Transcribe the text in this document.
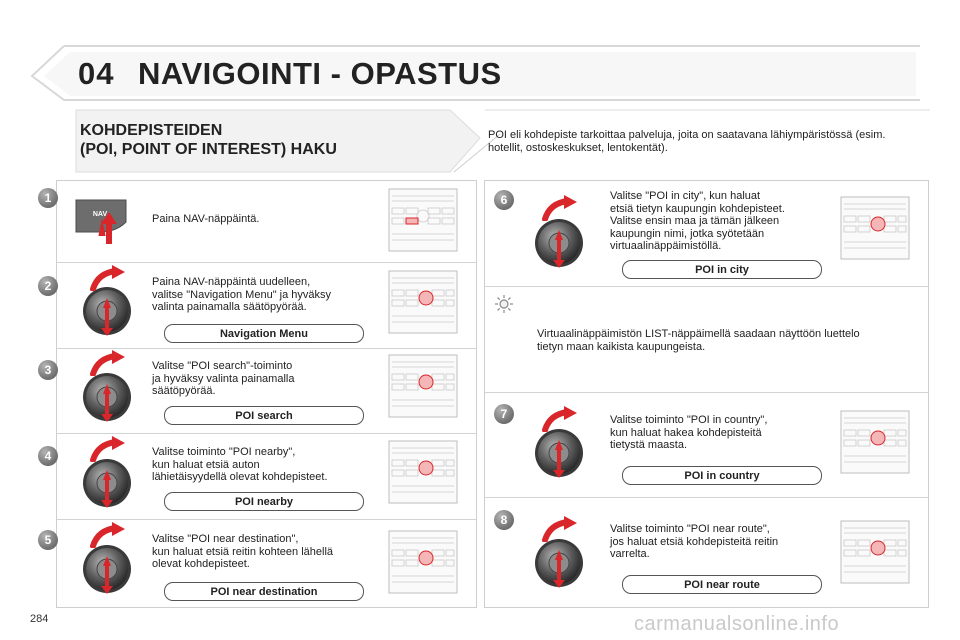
04 NAVIGOINTI - OPASTUS
KOHDEPISTEIDEN
(POI, POINT OF INTEREST) HAKU
POI eli kohdepiste tarkoittaa palveluja, joita on saatavana lähiympäristössä (esim. hotellit, ostoskeskukset, lentokentät).
1
NAV	Paina NAV-näppäintä.
2	Paina NAV-näppäintä uudelleen,
valitse "Navigation Menu" ja hyväksy
valinta painamalla säätöpyörää.
Navigation Menu
3	Valitse "POI search"-toiminto
ja hyväksy valinta painamalla
säätöpyörää.
POI search
4	Valitse toiminto "POI nearby",
kun haluat etsiä auton
lähietäisyydellä olevat kohdepisteet.
POI nearby
5	Valitse "POI near destination",
kun haluat etsiä reitin kohteen lähellä
olevat kohdepisteet.
POI near destination
6	Valitse "POI in city", kun haluat
etsiä tietyn kaupungin kohdepisteet.
Valitse ensin maa ja tämän jälkeen
kaupungin nimi, jotka syötetään
virtuaalinäppäimistöllä.
POI in city
Virtuaalinäppäimistön LIST-näppäimellä saadaan näyttöön luettelo
tietyn maan kaikista kaupungeista.
7	Valitse toiminto "POI in country",
kun haluat hakea kohdepisteitä
tietystä maasta.
POI in country
8
Valitse toiminto "POI near route",
jos haluat etsiä kohdepisteitä reitin
varrelta.
POI near route
284	carmanualsonline.info
